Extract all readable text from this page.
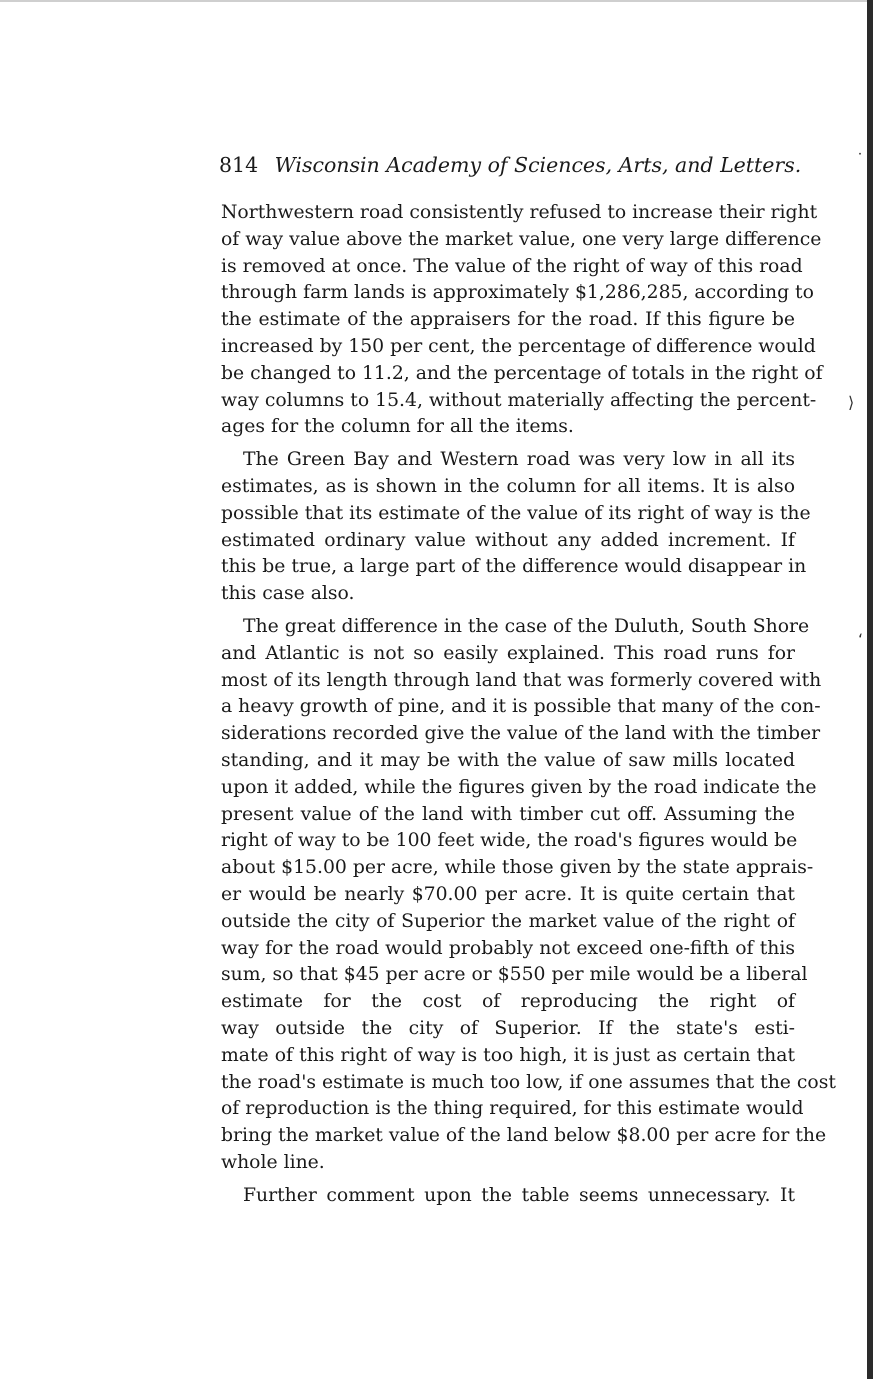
˙
⟩
‘
814 Wisconsin Academy of Sciences, Arts, and Letters.
Northwestern road consistently refused to increase their right
of way value above the market value, one very large difference
is removed at once. The value of the right of way of this road
through farm lands is approximately $1,286,285, according to
the estimate of the appraisers for the road. If this figure be
increased by 150 per cent, the percentage of difference would
be changed to 11.2, and the percentage of totals in the right of
way columns to 15.4, without materially affecting the percent-
ages for the column for all the items.
The Green Bay and Western road was very low in all its
estimates, as is shown in the column for all items. It is also
possible that its estimate of the value of its right of way is the
estimated ordinary value without any added increment. If
this be true, a large part of the difference would disappear in
this case also.
The great difference in the case of the Duluth, South Shore
and Atlantic is not so easily explained. This road runs for
most of its length through land that was formerly covered with
a heavy growth of pine, and it is possible that many of the con-
siderations recorded give the value of the land with the timber
standing, and it may be with the value of saw mills located
upon it added, while the figures given by the road indicate the
present value of the land with timber cut off. Assuming the
right of way to be 100 feet wide, the road's figures would be
about $15.00 per acre, while those given by the state apprais-
er would be nearly $70.00 per acre. It is quite certain that
outside the city of Superior the market value of the right of
way for the road would probably not exceed one-fifth of this
sum, so that $45 per acre or $550 per mile would be a liberal
estimate for the cost of reproducing the right of
way outside the city of Superior. If the state's esti-
mate of this right of way is too high, it is just as certain that
the road's estimate is much too low, if one assumes that the cost
of reproduction is the thing required, for this estimate would
bring the market value of the land below $8.00 per acre for the
whole line.
Further comment upon the table seems unnecessary. It
